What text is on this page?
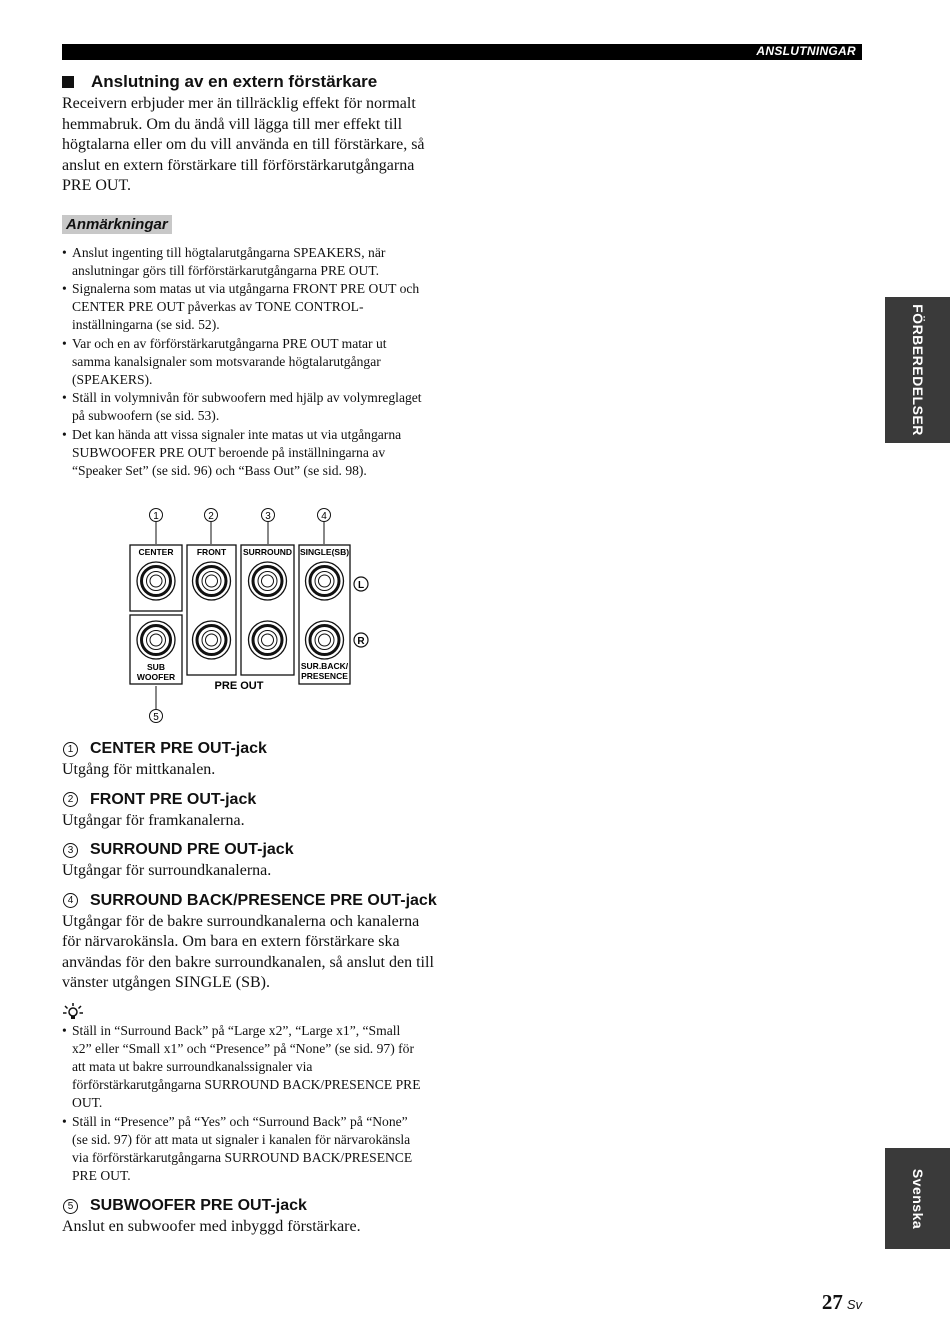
ANSLUTNINGAR
Anslutning av en extern förstärkare

Receivern erbjuder mer än tillräcklig effekt för normalt
hemmabruk. Om du ändå vill lägga till mer effekt till
högtalarna eller om du vill använda en till förstärkare, så
anslut en extern förstärkare till förförstärkarutgångarna
PRE OUT.

Anmärkningar
• Anslut ingenting till högtalarutgångarna SPEAKERS, när
anslutningar görs till förförstärkarutgångarna PRE OUT.
• Signalerna som matas ut via utgångarna FRONT PRE OUT och
CENTER PRE OUT påverkas av TONE CONTROL-
inställningarna (se sid. 52).
• Var och en av förförstärkarutgångarna PRE OUT matar ut
samma kanalsignaler som motsvarande högtalarutgångar
(SPEAKERS).
• Ställ in volymnivån för subwoofern med hjälp av volymreglaget
på subwoofern (se sid. 53).
• Det kan hända att vissa signaler inte matas ut via utgångarna
SUBWOOFER PRE OUT beroende på inställningarna av
“Speaker Set” (se sid. 96) och “Bass Out” (se sid. 98).
1	2	3	4
5
CENTER	FRONT SURROUND SINGLE(SB)
SUB
WOOFER
SUR.BACK/
PRESENCE
PRE OUT
L
R
1 CENTER PRE OUT-jack

Utgång för mittkanalen.

2 FRONT PRE OUT-jack

Utgångar för framkanalerna.

3 SURROUND PRE OUT-jack

Utgångar för surroundkanalerna.

4 SURROUND BACK/PRESENCE PRE OUT-jack

Utgångar för de bakre surroundkanalerna och kanalerna
för närvarokänsla. Om bara en extern förstärkare ska
användas för den bakre surroundkanalen, så anslut den till
vänster utgången SINGLE (SB).

• Ställ in “Surround Back” på “Large x2”, “Large x1”, “Small
x2” eller “Small x1” och “Presence” på “None” (se sid. 97) för
att mata ut bakre surroundkanalssignaler via
förförstärkarutgångarna SURROUND BACK/PRESENCE PRE
OUT.
• Ställ in “Presence” på “Yes” och “Surround Back” på “None”
(se sid. 97) för att mata ut signaler i kanalen för närvarokänsla
via förförstärkarutgångarna SURROUND BACK/PRESENCE
PRE OUT.
5 SUBWOOFER PRE OUT-jack

Anslut en subwoofer med inbyggd förstärkare.

FÖRBEREDELSER
Svenska
27 Sv
